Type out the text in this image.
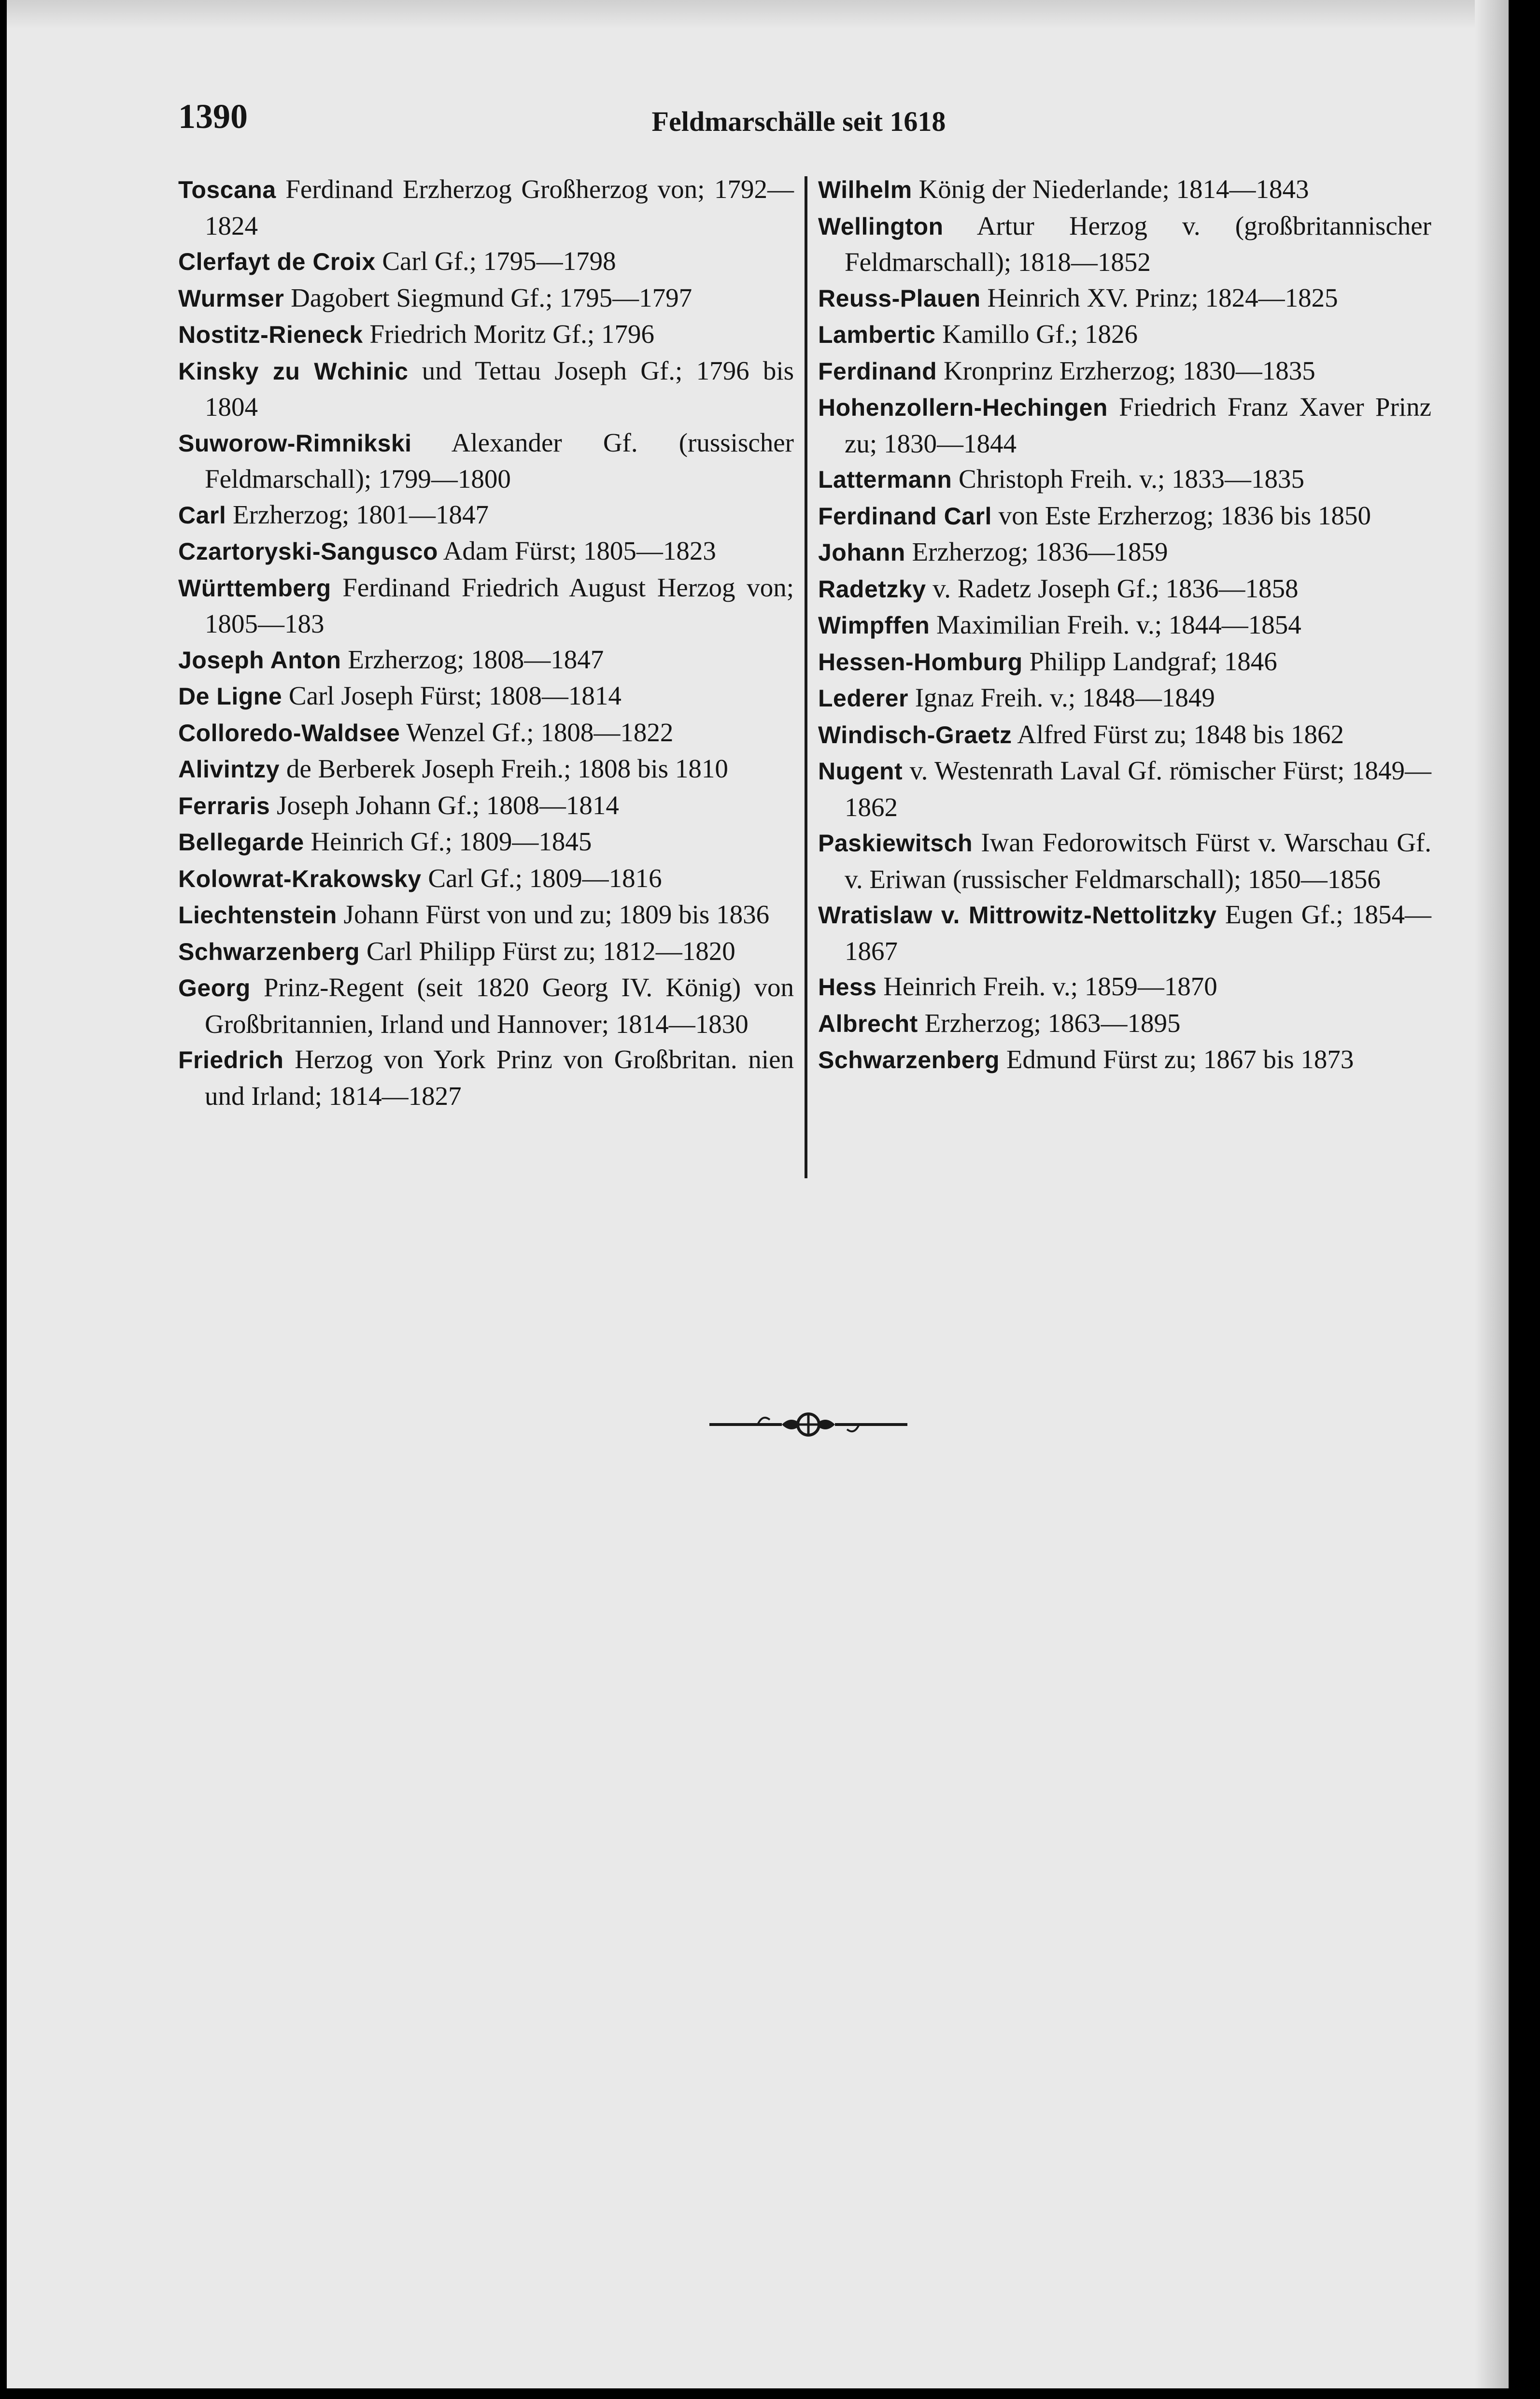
1390	Feldmarschälle seit 1618

Toscana Ferdinand Erzherzog Großherzog von; 1792—1824

Clerfayt de Croix Carl Gf.; 1795—1798

Wurmser Dagobert Siegmund Gf.; 1795—1797

Nostitz-Rieneck Friedrich Moritz Gf.; 1796

Kinsky zu Wchinic und Tettau Joseph Gf.; 1796 bis 1804

Suworow-Rimnikski Alexander Gf. (russischer Feldmarschall); 1799—1800

Carl Erzherzog; 1801—1847

Czartoryski-Sangusco Adam Fürst; 1805—1823

Württemberg Ferdinand Friedrich August Herzog von; 1805—183

Joseph Anton Erzherzog; 1808—1847

De Ligne Carl Joseph Fürst; 1808—1814

Colloredo-Waldsee Wenzel Gf.; 1808—1822

Alivintzy de Berberek Joseph Freih.; 1808 bis 1810

Ferraris Joseph Johann Gf.; 1808—1814

Bellegarde Heinrich Gf.; 1809—1845

Kolowrat-Krakowsky Carl Gf.; 1809—1816

Liechtenstein Johann Fürst von und zu; 1809 bis 1836

Schwarzenberg Carl Philipp Fürst zu; 1812—1820

Georg Prinz-Regent (seit 1820 Georg IV. König) von Großbritannien, Irland und Hannover; 1814—1830

Friedrich Herzog von York Prinz von Großbritan. nien und Irland; 1814—1827

Wilhelm König der Niederlande; 1814—1843

Wellington Artur Herzog v. (großbritannischer Feldmarschall); 1818—1852

Reuss-Plauen Heinrich XV. Prinz; 1824—1825

Lambertic Kamillo Gf.; 1826

Ferdinand Kronprinz Erzherzog; 1830—1835

Hohenzollern-Hechingen Friedrich Franz Xaver Prinz zu; 1830—1844

Lattermann Christoph Freih. v.; 1833—1835

Ferdinand Carl von Este Erzherzog; 1836 bis 1850

Johann Erzherzog; 1836—1859

Radetzky v. Radetz Joseph Gf.; 1836—1858

Wimpffen Maximilian Freih. v.; 1844—1854

Hessen-Homburg Philipp Landgraf; 1846

Lederer Ignaz Freih. v.; 1848—1849

Windisch-Graetz Alfred Fürst zu; 1848 bis 1862

Nugent v. Westenrath Laval Gf. römischer Fürst; 1849—1862

Paskiewitsch Iwan Fedorowitsch Fürst v. Warschau Gf. v. Eriwan (russischer Feldmarschall); 1850—1856

Wratislaw v. Mittrowitz-Nettolitzky Eugen Gf.; 1854—1867

Hess Heinrich Freih. v.; 1859—1870

Albrecht Erzherzog; 1863—1895

Schwarzenberg Edmund Fürst zu; 1867 bis 1873
